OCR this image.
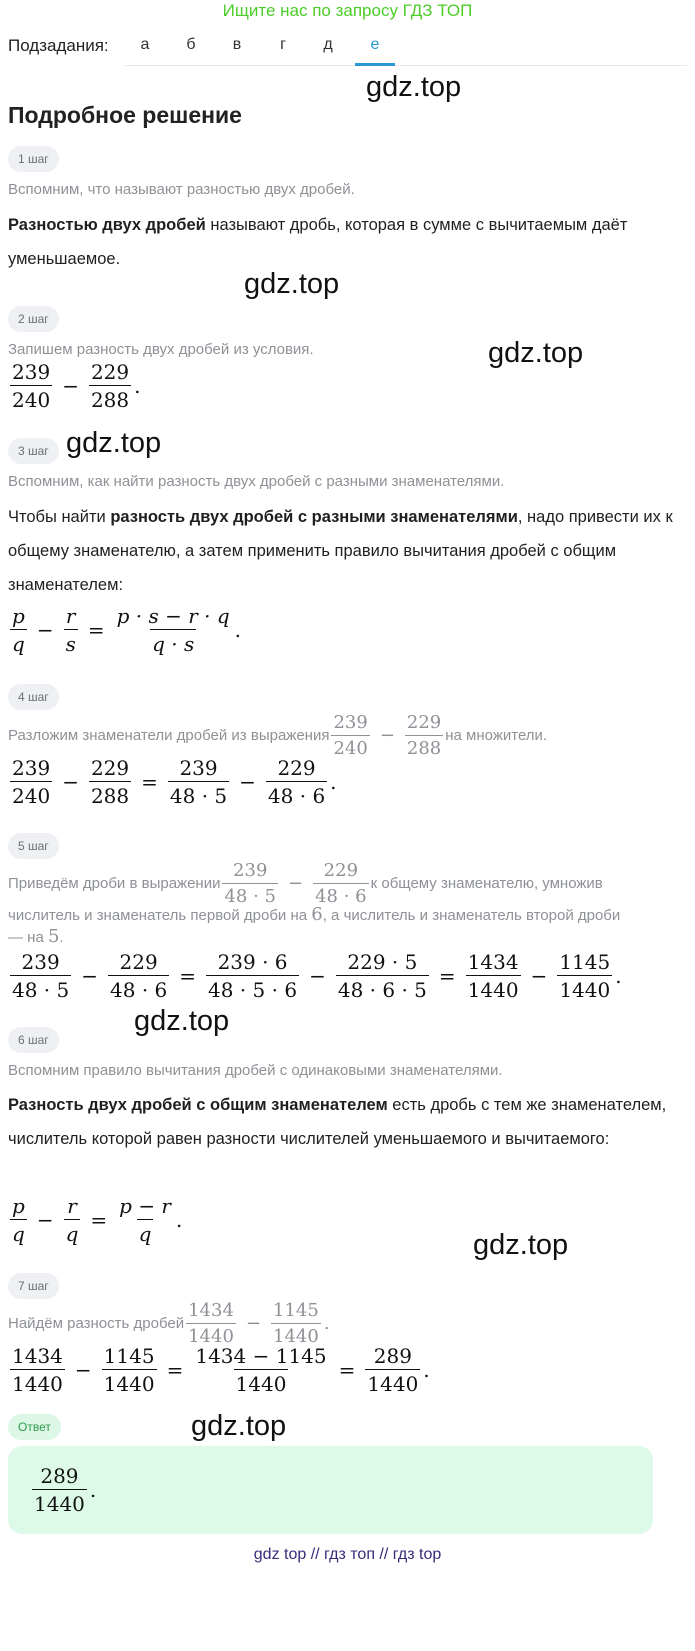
Ищите нас по запросу ГДЗ ТОП
Подзадания:	а	б	в	г	д	е
gdz.top
gdz.top
gdz.top
gdz.top
gdz.top
gdz.top
gdz.top
Подробное решение
1 шаг
Вспомним, что называют разностью двух дробей.
Разностью двух дробей называют дробь, которая в сумме с вычитаемым даёт уменьшаемое.
2 шаг
Запишем разность двух дробей из условия.
$\frac{239}{240} - \frac{229}{288}$ .
3 шаг
Вспомним, как найти разность двух дробей с разными знаменателями.
Чтобы найти разность двух дробей с разными знаменателями, надо привести их к общему знаменателю, а затем применить правило вычитания дробей с общим знаменателем:
$\frac{p}{q} - \frac{r}{s} = \frac{p \cdot s - r \cdot q}{q \cdot s}$ .
4 шаг
Разложим знаменатели дробей из выражения $\frac{239}{240} - \frac{229}{288}$ на множители.
$\frac{239}{240} - \frac{229}{288} = \frac{239}{48 \cdot 5} - \frac{229}{48 \cdot 6}$ .
5 шаг
Приведём дроби в выражении $\frac{239}{48 \cdot 5} - \frac{229}{48 \cdot 6}$ к общему знаменателю, умножив
числитель и знаменатель первой дроби на 6, а числитель и знаменатель второй дроби
— на 5.
$\frac{239}{48 \cdot 5} - \frac{229}{48 \cdot 6} = \frac{239 \cdot 6}{48 \cdot 5 \cdot 6} - \frac{229 \cdot 5}{48 \cdot 6 \cdot 5} = \frac{1434}{1440} - \frac{1145}{1440}$ .
6 шаг
Вспомним правило вычитания дробей с одинаковыми знаменателями.
Разность двух дробей с общим знаменателем есть дробь с тем же знаменателем, числитель которой равен разности числителей уменьшаемого и вычитаемого:
$\frac{p}{q} - \frac{r}{q} = \frac{p - r}{q}$ .
7 шаг
Найдём разность дробей $\frac{1434}{1440} - \frac{1145}{1440}$ .
$\frac{1434}{1440} - \frac{1145}{1440} = \frac{1434 - 1145}{1440} = \frac{289}{1440}$ .
Ответ
$\frac{289}{1440}$ .
gdz top // гдз топ // гдз top
